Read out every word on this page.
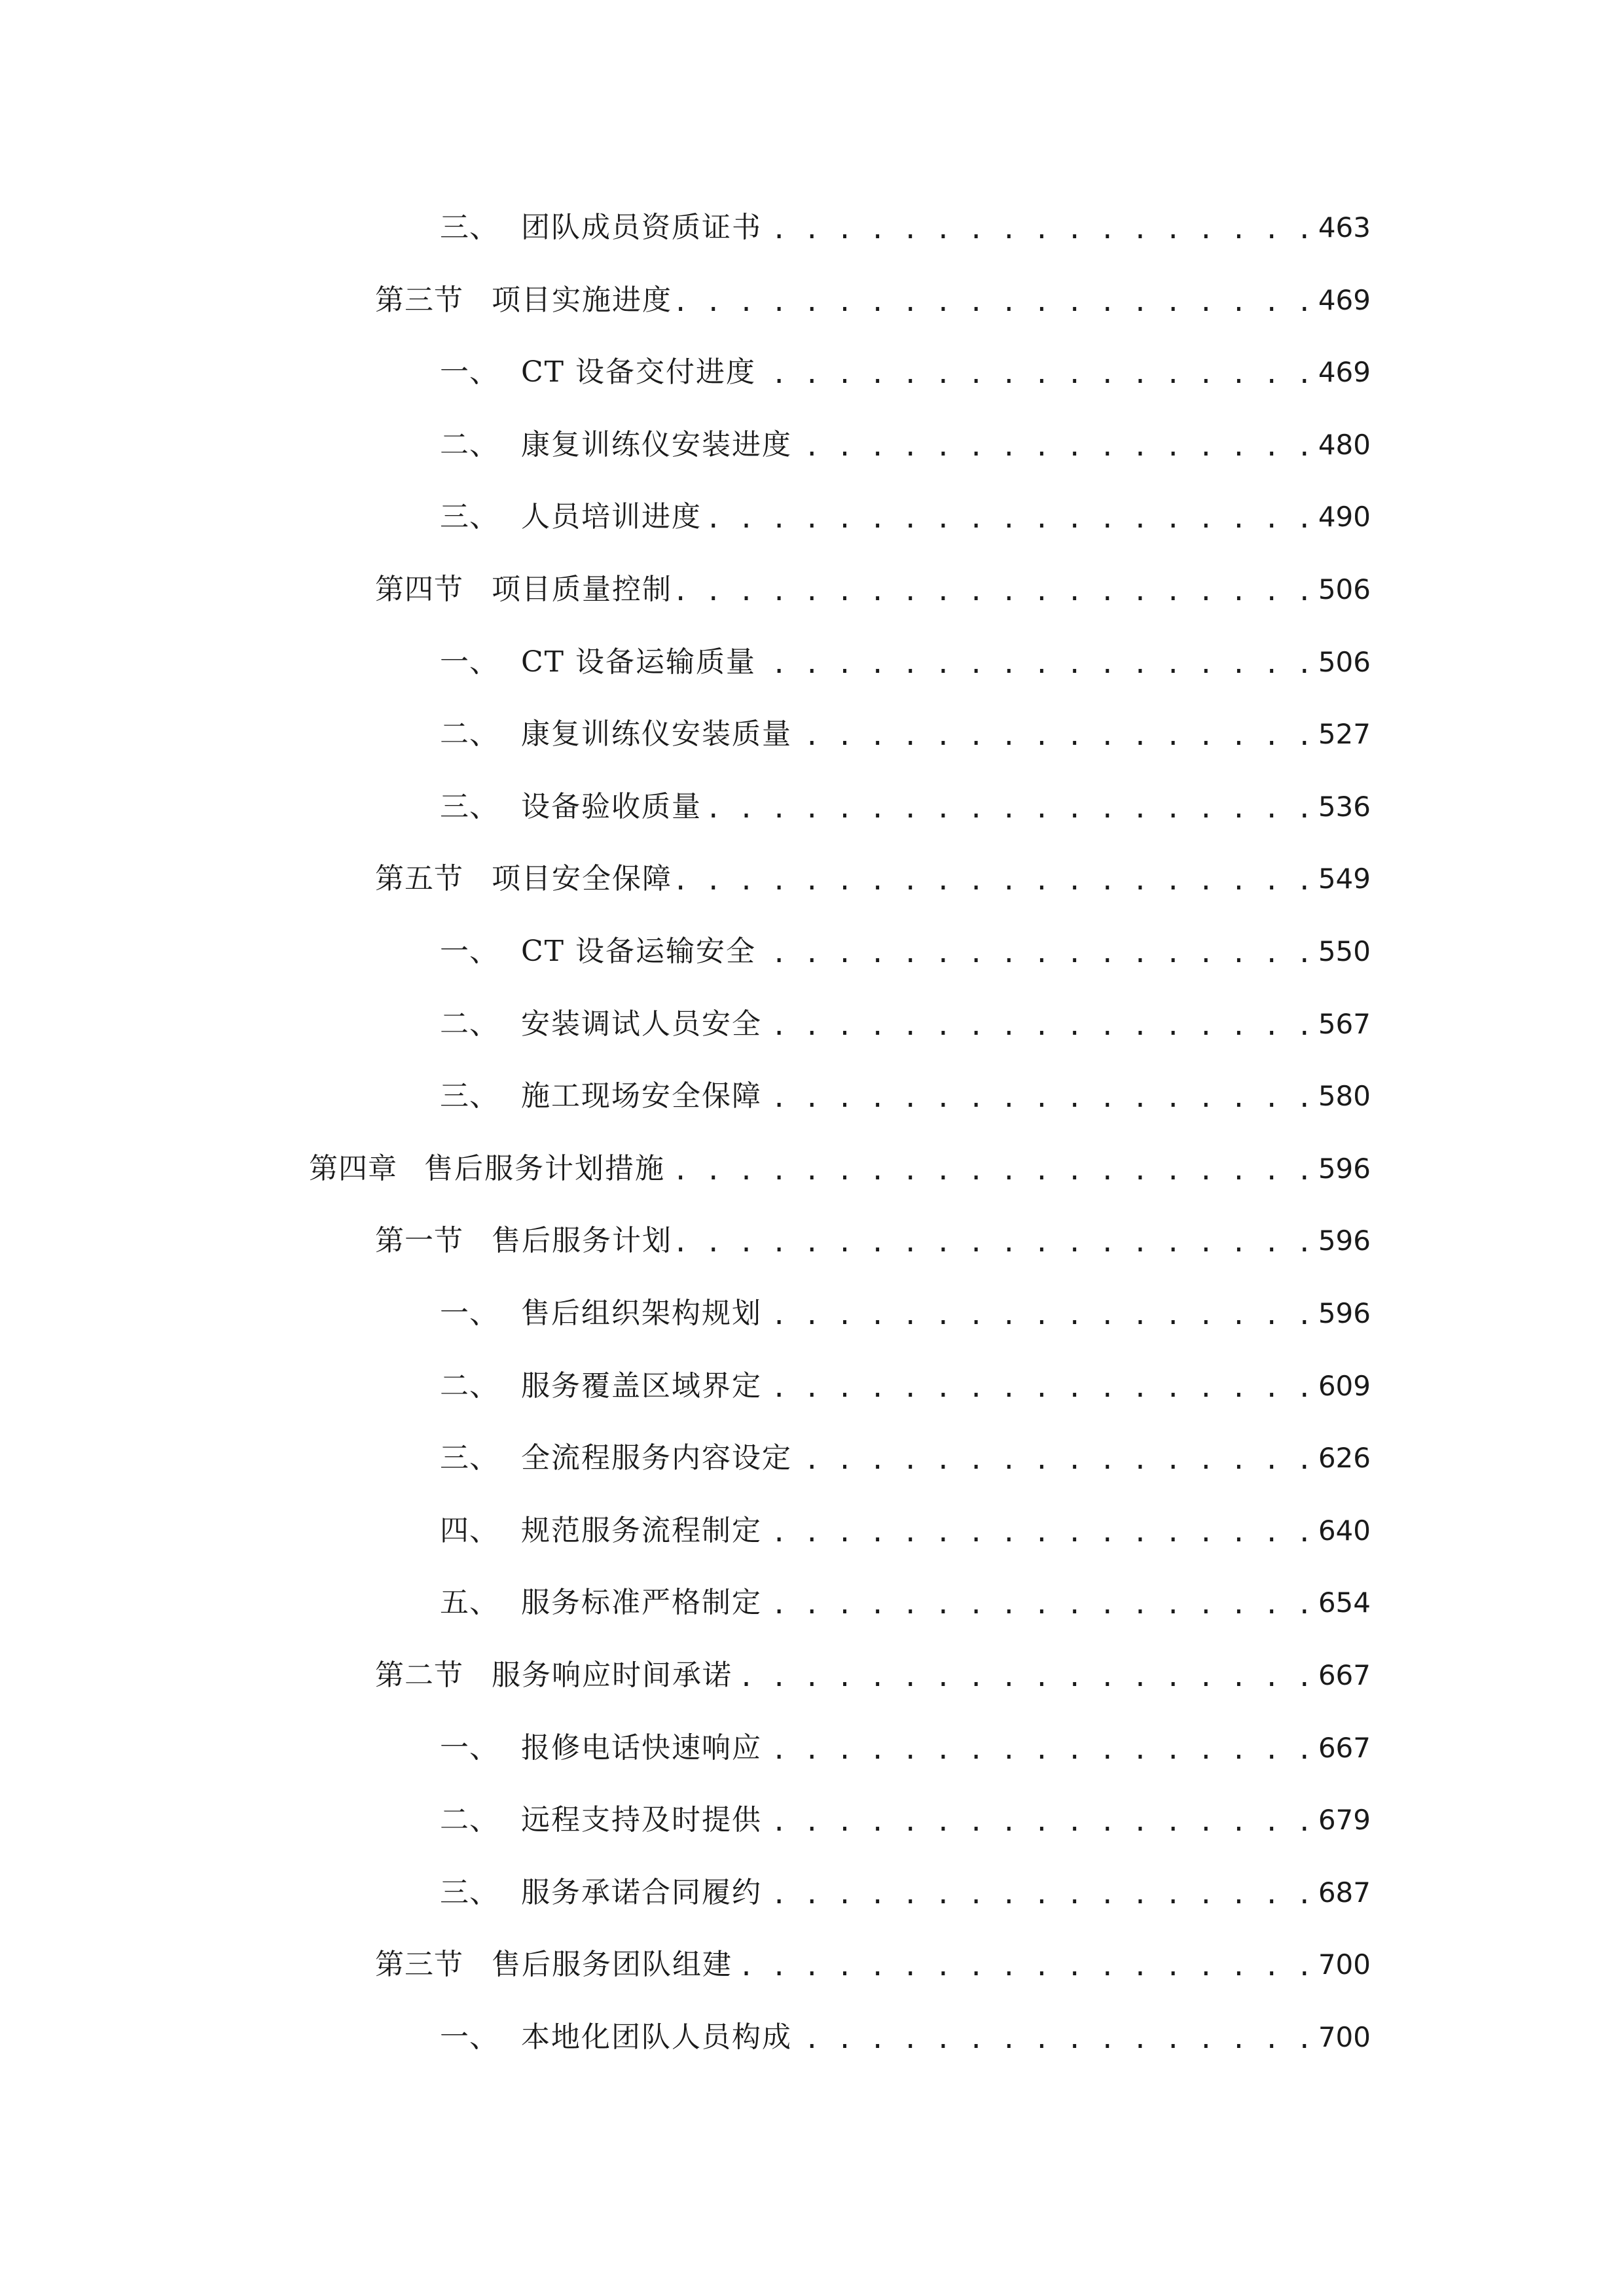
三、 团队成员资质证书 . . .	463
第三节 项目实施进度 . . .	469
一、 CT 设备交付进度 . . .	469
二、 康复训练仪安装进度 . . .	480
三、 人员培训进度 . . .	490
第四节 项目质量控制 . . .	506
一、 CT 设备运输质量 . . .	506
二、 康复训练仪安装质量 . . .	527
三、 设备验收质量 . . .	536
第五节 项目安全保障 . . .	549
一、 CT 设备运输安全 . . .	550
二、 安装调试人员安全 . . .	567
三、 施工现场安全保障 . . .	580
第四章 售后服务计划措施 . . .	596
第一节 售后服务计划 . . .	596
一、 售后组织架构规划 . . .	596
二、 服务覆盖区域界定 . . .	609
三、 全流程服务内容设定 . . .	626
四、 规范服务流程制定 . . .	640
五、 服务标准严格制定 . . .	654
第二节 服务响应时间承诺 . . .	667
一、 报修电话快速响应 . . .	667
二、 远程支持及时提供 . . .	679
三、 服务承诺合同履约 . . .	687
第三节 售后服务团队组建 . . .	700
一、 本地化团队人员构成 . . .	700
